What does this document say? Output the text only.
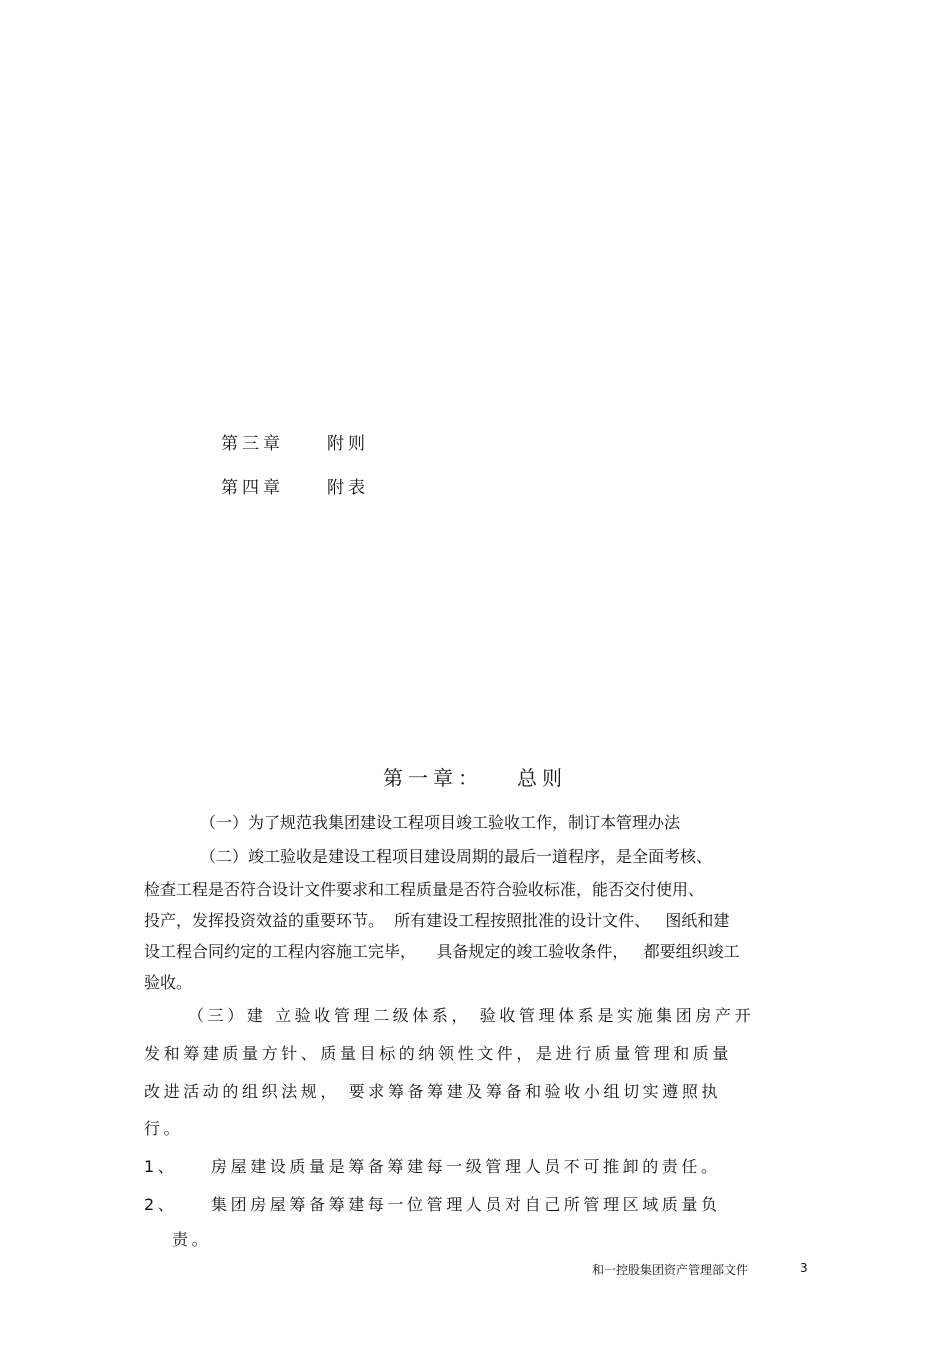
第三章	附则
第四章	附表
第一章：   总则
（一）为了规范我集团建设工程项目竣工验收工作，制订本管理办法
（二）竣工验收是建设工程项目建设周期的最后一道程序，是全面考核、
检查工程是否符合设计文件要求和工程质量是否符合验收标准，能否交付使用、
投产，发挥投资效益的重要环节。  所有建设工程按照批准的设计文件、   图纸和建
设工程合同约定的工程内容施工完毕，    具备规定的竣工验收条件，   都要组织竣工
验收。
（三）建 立验收管理二级体系， 验收管理体系是实施集团房产开
发和筹建质量方针、质量目标的纳领性文件，是进行质量管理和质量
改进活动的组织法规， 要求筹备筹建及筹备和验收小组切实遵照执
行。
1、 房屋建设质量是筹备筹建每一级管理人员不可推卸的责任。
2、 集团房屋筹备筹建每一位管理人员对自己所管理区域质量负
责。
和一控股集团资产管理部文件	3
